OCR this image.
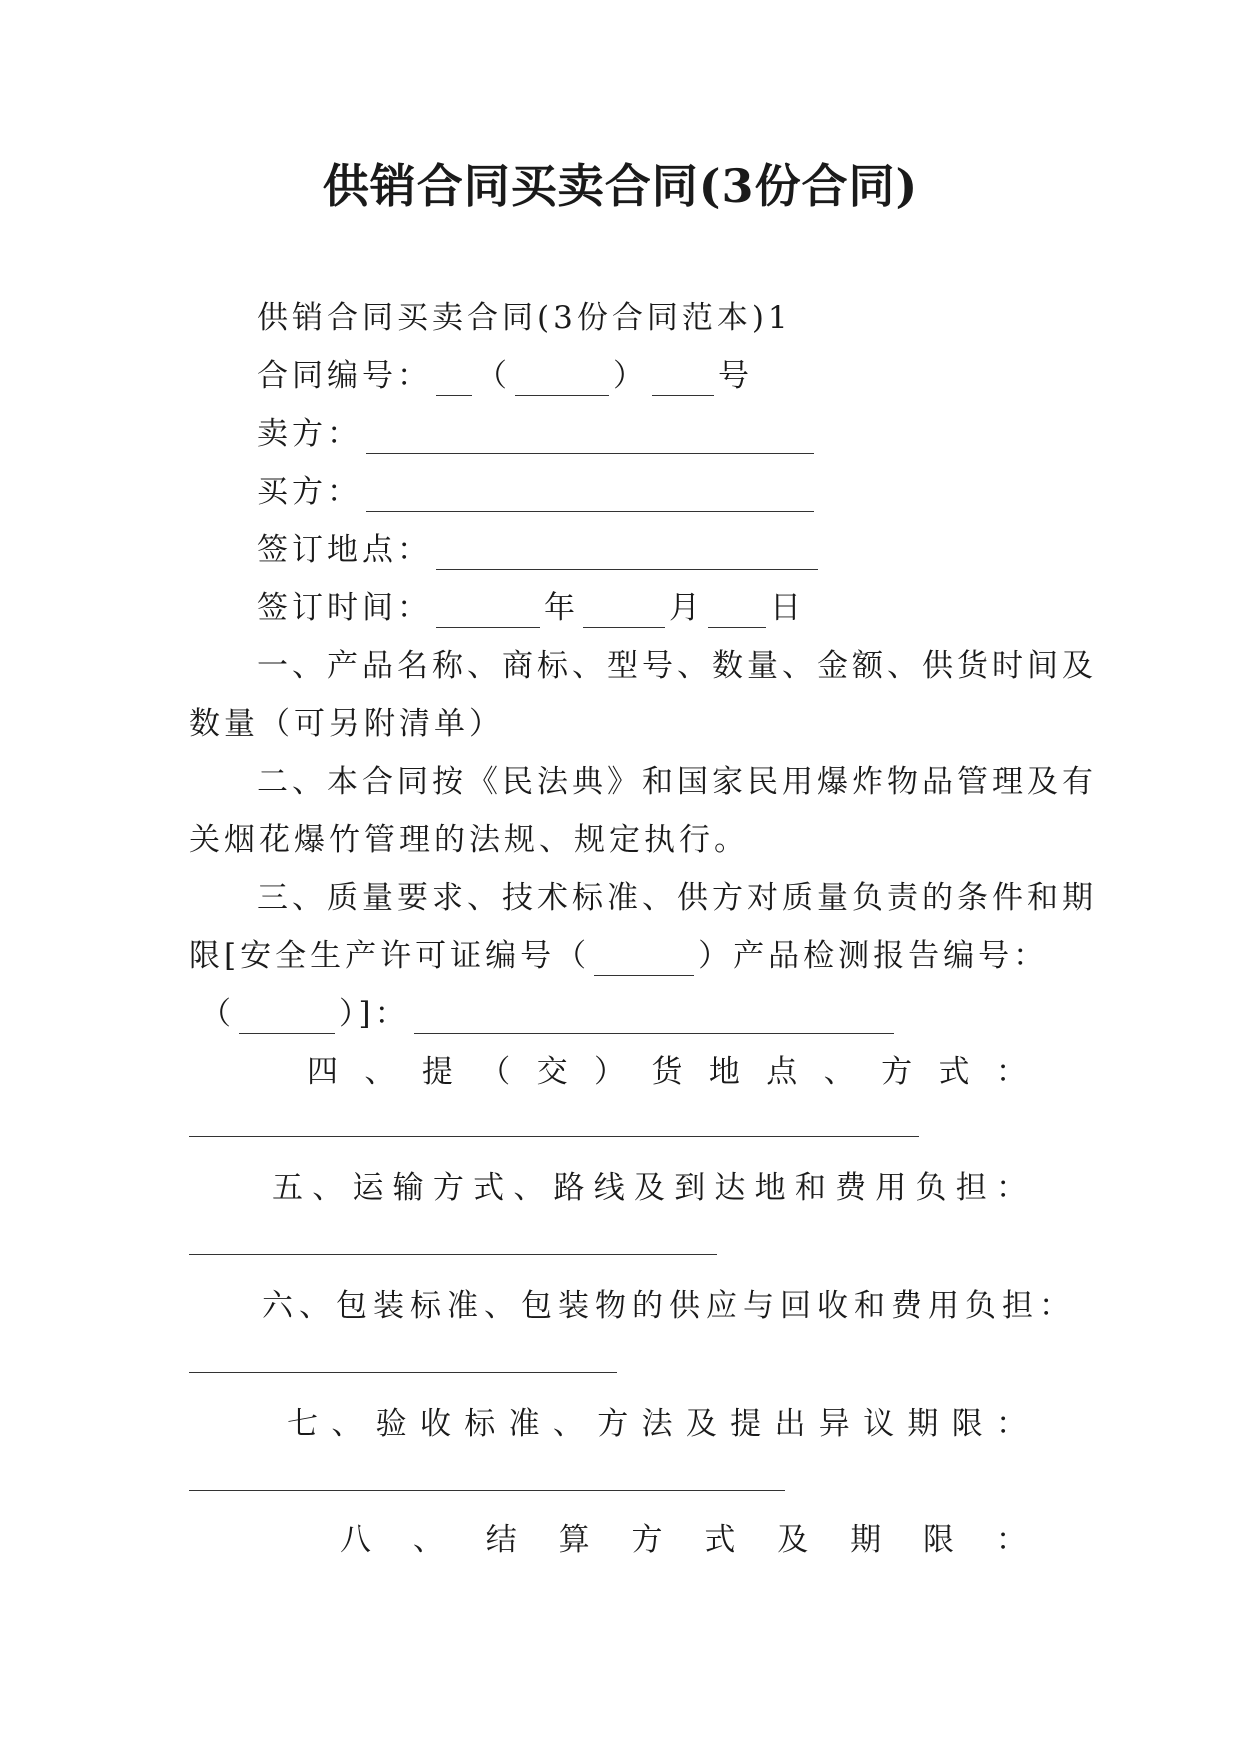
供销合同买卖合同(3份合同)
供销合同买卖合同(3份合同范本)1
合同编号： （	） 号
卖方：
买方：
签订地点：
签订时间：	年	月 日
一、产品名称、商标、型号、数量、金额、供货时间及
数量（可另附清单）
二、本合同按《民法典》和国家民用爆炸物品管理及有
关烟花爆竹管理的法规、规定执行。
三、质量要求、技术标准、供方对质量负责的条件和期
限[安全生产许可证编号（	）产品检测报告编号：
（	）]：
四 、 提 （ 交 ） 货 地 点 、 方 式 ：
五 、 运 输 方 式 、 路 线 及 到 达 地 和 费 用 负 担 ：
六、包装标准、包装物的供应与回收和费用负担：
七 、 验 收 标 准 、 方 法 及 提 出 异 议 期 限 ：
八 、 结 算 方 式 及 期 限 ：
